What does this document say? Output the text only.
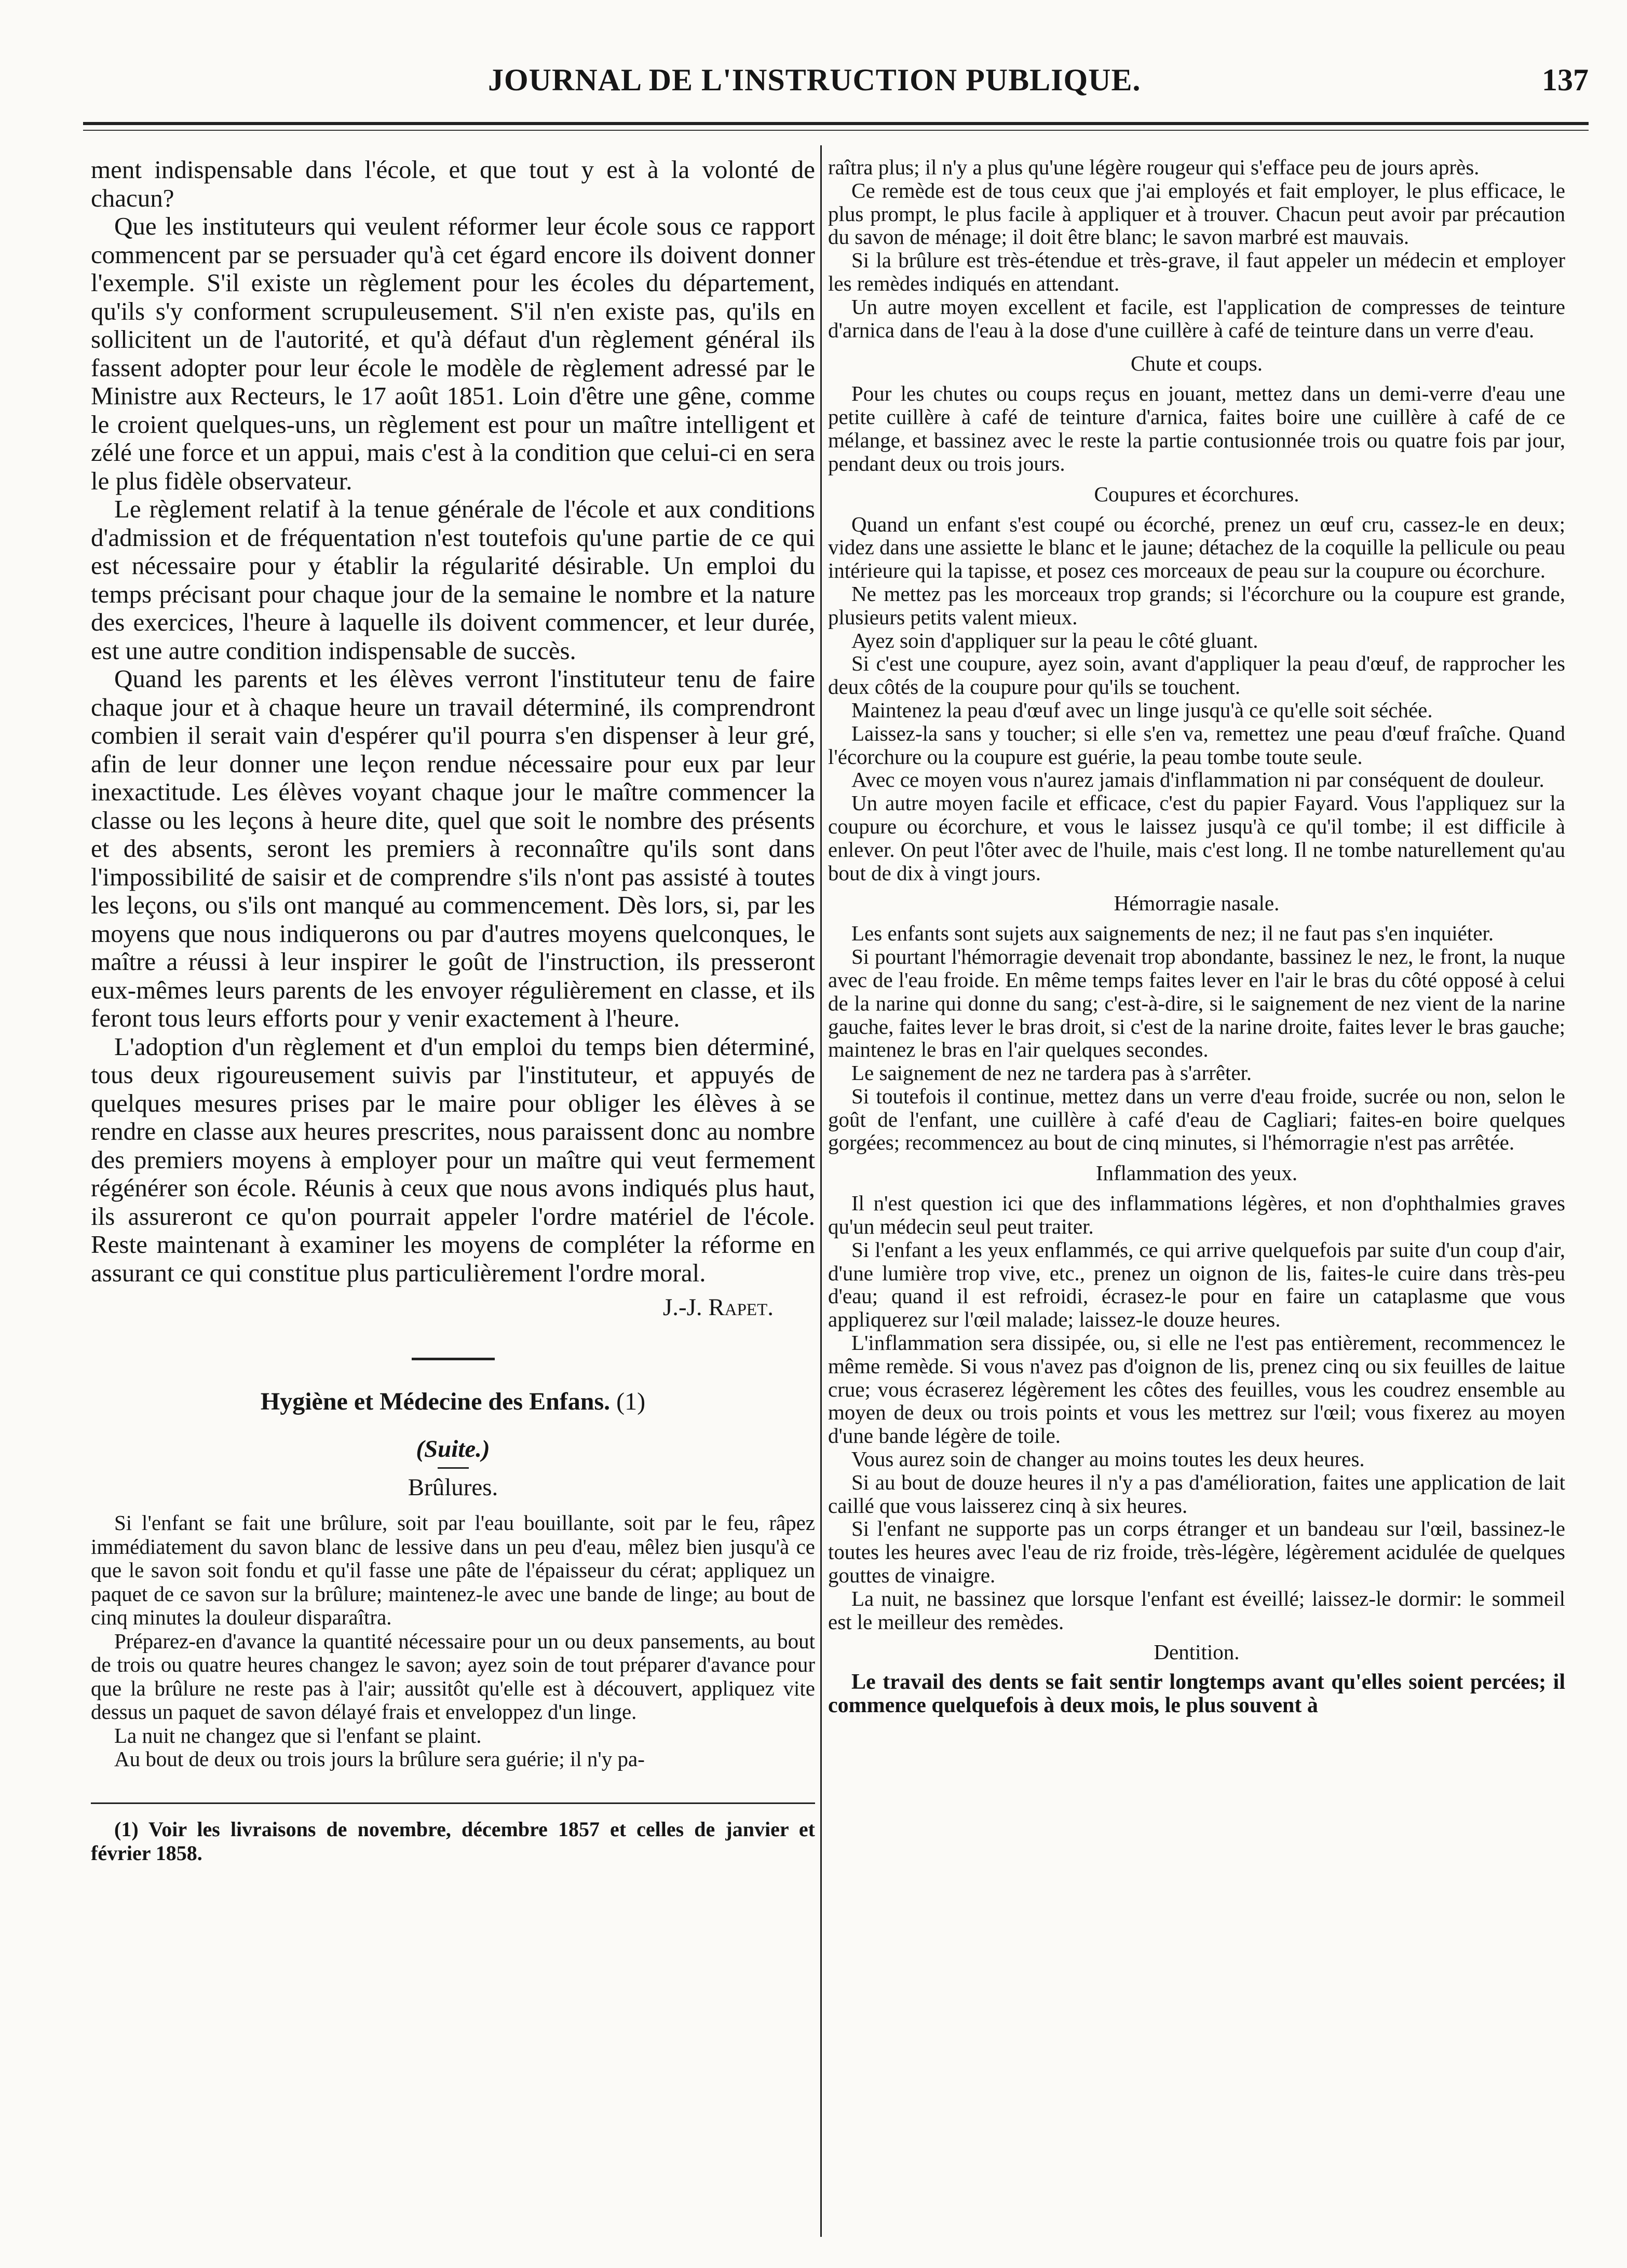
JOURNAL DE L'INSTRUCTION PUBLIQUE.	137

ment indispensable dans l'école, et que tout y est à la volonté de chacun?

Que les instituteurs qui veulent réformer leur école sous ce rapport commencent par se persuader qu'à cet égard encore ils doivent donner l'exemple. S'il existe un règlement pour les écoles du département, qu'ils s'y conforment scrupuleusement. S'il n'en existe pas, qu'ils en sollicitent un de l'autorité, et qu'à défaut d'un règlement général ils fassent adopter pour leur école le modèle de règlement adressé par le Ministre aux Recteurs, le 17 août 1851. Loin d'être une gêne, comme le croient quelques-uns, un règlement est pour un maître intelligent et zélé une force et un appui, mais c'est à la condition que celui-ci en sera le plus fidèle observateur.

Le règlement relatif à la tenue générale de l'école et aux conditions d'admission et de fréquentation n'est toutefois qu'une partie de ce qui est nécessaire pour y établir la régularité désirable. Un emploi du temps précisant pour chaque jour de la semaine le nombre et la nature des exercices, l'heure à laquelle ils doivent commencer, et leur durée, est une autre condition indispensable de succès.

Quand les parents et les élèves verront l'instituteur tenu de faire chaque jour et à chaque heure un travail déterminé, ils comprendront combien il serait vain d'espérer qu'il pourra s'en dispenser à leur gré, afin de leur donner une leçon rendue nécessaire pour eux par leur inexactitude. Les élèves voyant chaque jour le maître commencer la classe ou les leçons à heure dite, quel que soit le nombre des présents et des absents, seront les premiers à reconnaître qu'ils sont dans l'impossibilité de saisir et de comprendre s'ils n'ont pas assisté à toutes les leçons, ou s'ils ont manqué au commencement. Dès lors, si, par les moyens que nous indiquerons ou par d'autres moyens quelconques, le maître a réussi à leur inspirer le goût de l'instruction, ils presseront eux-mêmes leurs parents de les envoyer régulièrement en classe, et ils feront tous leurs efforts pour y venir exactement à l'heure.

L'adoption d'un règlement et d'un emploi du temps bien déterminé, tous deux rigoureusement suivis par l'instituteur, et appuyés de quelques mesures prises par le maire pour obliger les élèves à se rendre en classe aux heures prescrites, nous paraissent donc au nombre des premiers moyens à employer pour un maître qui veut fermement régénérer son école. Réunis à ceux que nous avons indiqués plus haut, ils assureront ce qu'on pourrait appeler l'ordre matériel de l'école. Reste maintenant à examiner les moyens de compléter la réforme en assurant ce qui constitue plus particulièrement l'ordre moral.

J.-J. Rapet.
Hygiène et Médecine des Enfans. (1)
(Suite.)
Brûlures.

Si l'enfant se fait une brûlure, soit par l'eau bouillante, soit par le feu, râpez immédiatement du savon blanc de lessive dans un peu d'eau, mêlez bien jusqu'à ce que le savon soit fondu et qu'il fasse une pâte de l'épaisseur du cérat; appliquez un paquet de ce savon sur la brûlure; maintenez-le avec une bande de linge; au bout de cinq minutes la douleur disparaîtra.

Préparez-en d'avance la quantité nécessaire pour un ou deux pansements, au bout de trois ou quatre heures changez le savon; ayez soin de tout préparer d'avance pour que la brûlure ne reste pas à l'air; aussitôt qu'elle est à découvert, appliquez vite dessus un paquet de savon délayé frais et enveloppez d'un linge.

La nuit ne changez que si l'enfant se plaint.

Au bout de deux ou trois jours la brûlure sera guérie; il n'y pa-

(1) Voir les livraisons de novembre, décembre 1857 et celles de janvier et février 1858.

raîtra plus; il n'y a plus qu'une légère rougeur qui s'efface peu de jours après.

Ce remède est de tous ceux que j'ai employés et fait employer, le plus efficace, le plus prompt, le plus facile à appliquer et à trouver. Chacun peut avoir par précaution du savon de ménage; il doit être blanc; le savon marbré est mauvais.

Si la brûlure est très-étendue et très-grave, il faut appeler un médecin et employer les remèdes indiqués en attendant.

Un autre moyen excellent et facile, est l'application de compresses de teinture d'arnica dans de l'eau à la dose d'une cuillère à café de teinture dans un verre d'eau.

Chute et coups.

Pour les chutes ou coups reçus en jouant, mettez dans un demi-verre d'eau une petite cuillère à café de teinture d'arnica, faites boire une cuillère à café de ce mélange, et bassinez avec le reste la partie contusionnée trois ou quatre fois par jour, pendant deux ou trois jours.

Coupures et écorchures.

Quand un enfant s'est coupé ou écorché, prenez un œuf cru, cassez-le en deux; videz dans une assiette le blanc et le jaune; détachez de la coquille la pellicule ou peau intérieure qui la tapisse, et posez ces morceaux de peau sur la coupure ou écorchure.

Ne mettez pas les morceaux trop grands; si l'écorchure ou la coupure est grande, plusieurs petits valent mieux.

Ayez soin d'appliquer sur la peau le côté gluant.

Si c'est une coupure, ayez soin, avant d'appliquer la peau d'œuf, de rapprocher les deux côtés de la coupure pour qu'ils se touchent.

Maintenez la peau d'œuf avec un linge jusqu'à ce qu'elle soit séchée.

Laissez-la sans y toucher; si elle s'en va, remettez une peau d'œuf fraîche. Quand l'écorchure ou la coupure est guérie, la peau tombe toute seule.

Avec ce moyen vous n'aurez jamais d'inflammation ni par conséquent de douleur.

Un autre moyen facile et efficace, c'est du papier Fayard. Vous l'appliquez sur la coupure ou écorchure, et vous le laissez jusqu'à ce qu'il tombe; il est difficile à enlever. On peut l'ôter avec de l'huile, mais c'est long. Il ne tombe naturellement qu'au bout de dix à vingt jours.

Hémorragie nasale.

Les enfants sont sujets aux saignements de nez; il ne faut pas s'en inquiéter.

Si pourtant l'hémorragie devenait trop abondante, bassinez le nez, le front, la nuque avec de l'eau froide. En même temps faites lever en l'air le bras du côté opposé à celui de la narine qui donne du sang; c'est-à-dire, si le saignement de nez vient de la narine gauche, faites lever le bras droit, si c'est de la narine droite, faites lever le bras gauche; maintenez le bras en l'air quelques secondes.

Le saignement de nez ne tardera pas à s'arrêter.

Si toutefois il continue, mettez dans un verre d'eau froide, sucrée ou non, selon le goût de l'enfant, une cuillère à café d'eau de Cagliari; faites-en boire quelques gorgées; recommencez au bout de cinq minutes, si l'hémorragie n'est pas arrêtée.

Inflammation des yeux.

Il n'est question ici que des inflammations légères, et non d'ophthalmies graves qu'un médecin seul peut traiter.

Si l'enfant a les yeux enflammés, ce qui arrive quelquefois par suite d'un coup d'air, d'une lumière trop vive, etc., prenez un oignon de lis, faites-le cuire dans très-peu d'eau; quand il est refroidi, écrasez-le pour en faire un cataplasme que vous appliquerez sur l'œil malade; laissez-le douze heures.

L'inflammation sera dissipée, ou, si elle ne l'est pas entièrement, recommencez le même remède. Si vous n'avez pas d'oignon de lis, prenez cinq ou six feuilles de laitue crue; vous écraserez légèrement les côtes des feuilles, vous les coudrez ensemble au moyen de deux ou trois points et vous les mettrez sur l'œil; vous fixerez au moyen d'une bande légère de toile.

Vous aurez soin de changer au moins toutes les deux heures.

Si au bout de douze heures il n'y a pas d'amélioration, faites une application de lait caillé que vous laisserez cinq à six heures.

Si l'enfant ne supporte pas un corps étranger et un bandeau sur l'œil, bassinez-le toutes les heures avec l'eau de riz froide, très-légère, légèrement acidulée de quelques gouttes de vinaigre.

La nuit, ne bassinez que lorsque l'enfant est éveillé; laissez-le dormir: le sommeil est le meilleur des remèdes.

Dentition.

Le travail des dents se fait sentir longtemps avant qu'elles soient percées; il commence quelquefois à deux mois, le plus souvent à
